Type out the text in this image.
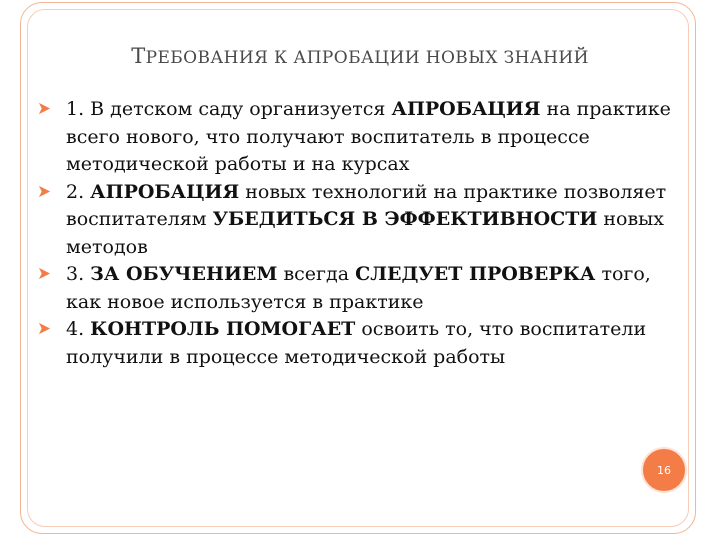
ТРЕБОВАНИЯ К АПРОБАЦИИ НОВЫХ ЗНАНИЙ
1. В детском саду организуется АПРОБАЦИЯ на практике всего нового, что получают воспитатель в процессе методической работы и на курсах
2. АПРОБАЦИЯ новых технологий на практике позволяет воспитателям УБЕДИТЬСЯ В ЭФФЕКТИВНОСТИ новых методов
3. ЗА ОБУЧЕНИЕМ всегда СЛЕДУЕТ ПРОВЕРКА того, как новое используется в практике
4. КОНТРОЛЬ ПОМОГАЕТ освоить то, что воспитатели получили в процессе методической работы
16
